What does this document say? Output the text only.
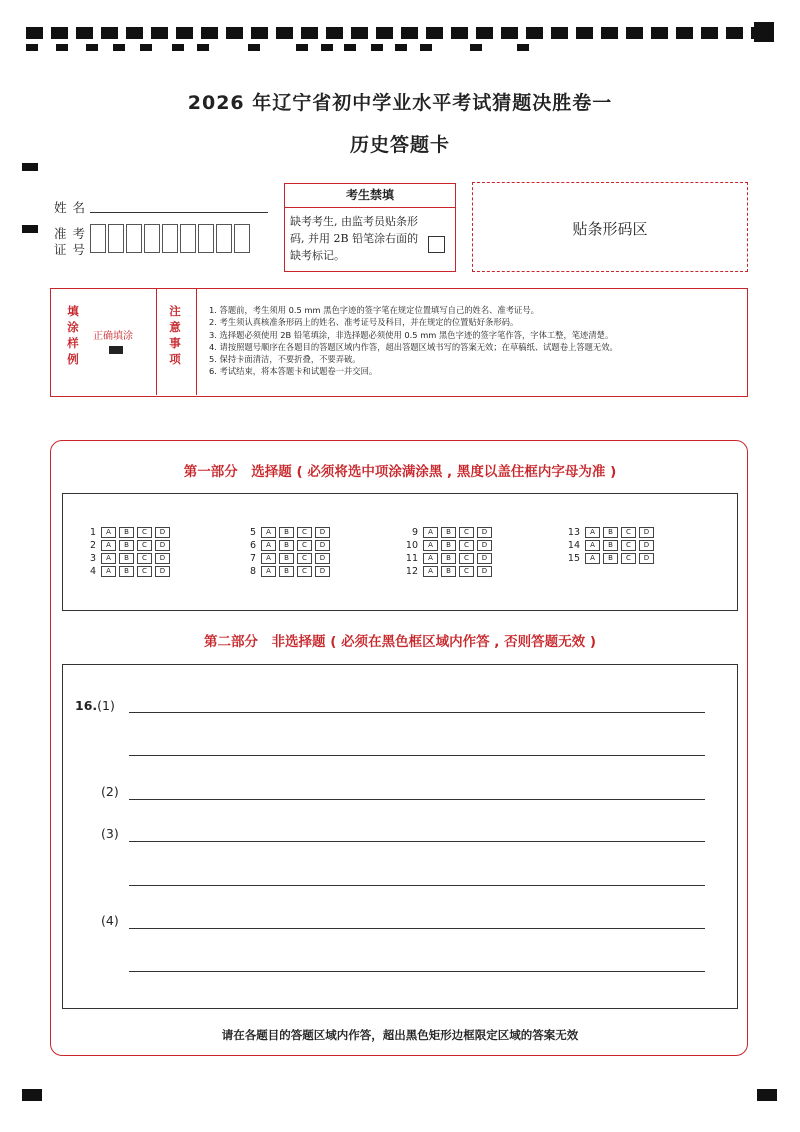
2026 年辽宁省初中学业水平考试猜题决胜卷一
历史答题卡
姓名
准考
证号
考生禁填
缺考考生, 由监考员贴条形码, 并用 2B 铅笔涂右面的缺考标记。
贴条形码区
填
涂
样
例
正确填涂
注
意
事
项

1. 答题前，考生须用 0.5 mm 黑色字迹的签字笔在规定位置填写自己的姓名、准考证号。

2. 考生须认真核准条形码上的姓名、准考证号及科目，并在规定的位置贴好条形码。

3. 选择题必须使用 2B 铅笔填涂，非选择题必须使用 0.5 mm 黑色字迹的签字笔作答，字体工整，笔迹清楚。

4. 请按照题号顺序在各题目的答题区域内作答，超出答题区域书写的答案无效；在草稿纸、试题卷上答题无效。

5. 保持卡面清洁，不要折叠，不要弄破。

6. 考试结束，将本答题卡和试题卷一并交回。

第一部分　选择题 ( 必须将选中项涂满涂黑 , 黑度以盖住框内字母为准 )
1 A B C D
2 A B C D
3 A B C D
4 A B C D
5 A B C D
6 A B C D
7 A B C D
8 A B C D
9 A B C D
10 A B C D
11 A B C D
12 A B C D
13 A B C D
14 A B C D
15 A B C D
第二部分　非选择题 ( 必须在黑色框区域内作答 , 否则答题无效 )
16.(1)
(2)
(3)
(4)
请在各题目的答题区域内作答，超出黑色矩形边框限定区域的答案无效
